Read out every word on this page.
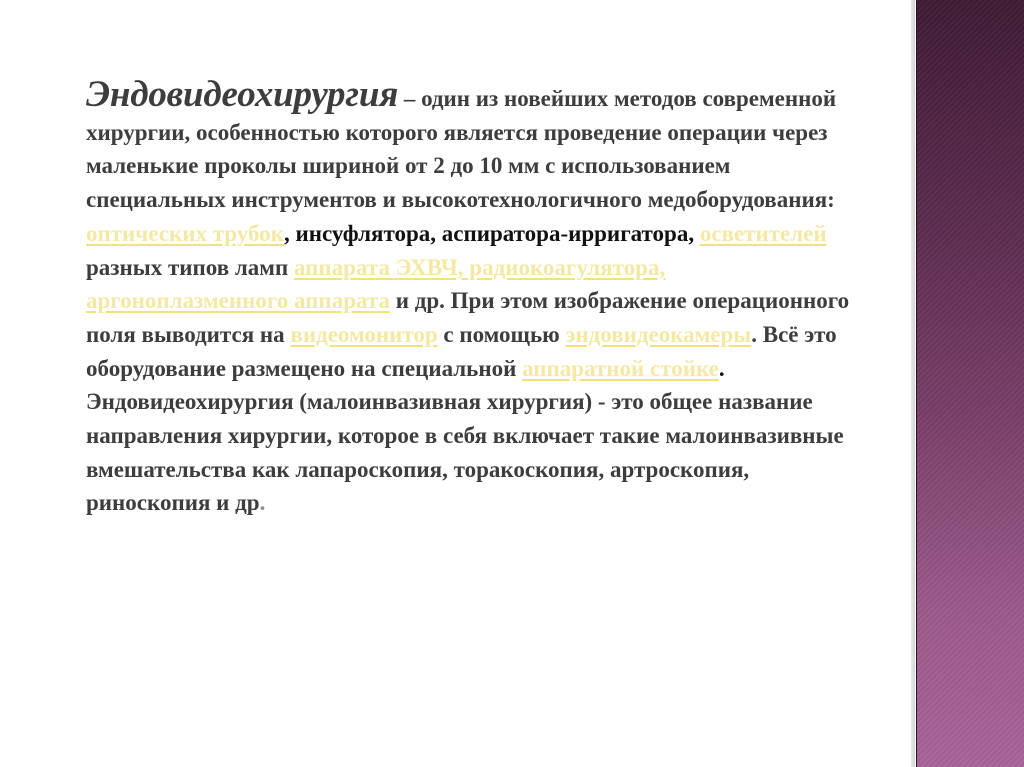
Эндовидеохирургия – один из новейших методов современной хирургии, особенностью которого является проведение операции через маленькие проколы шириной от 2 до 10 мм с использованием специальных инструментов и высокотехнологичного медоборудования: оптических трубок, инсуфлятора, аспиратора-ирригатора, осветителей разных типов ламп аппарата ЭХВЧ, радиокоагулятора, аргоноплазменного аппарата и др. При этом изображение операционного поля выводится на видеомонитор с помощью эндовидеокамеры. Всё это оборудование размещено на специальной аппаратной стойке.

Эндовидеохирургия (малоинвазивная хирургия) - это общее название направления хирургии, которое в себя включает такие малоинвазивные вмешательства как лапароскопия, торакоскопия, артроскопия, риноскопия и др.
